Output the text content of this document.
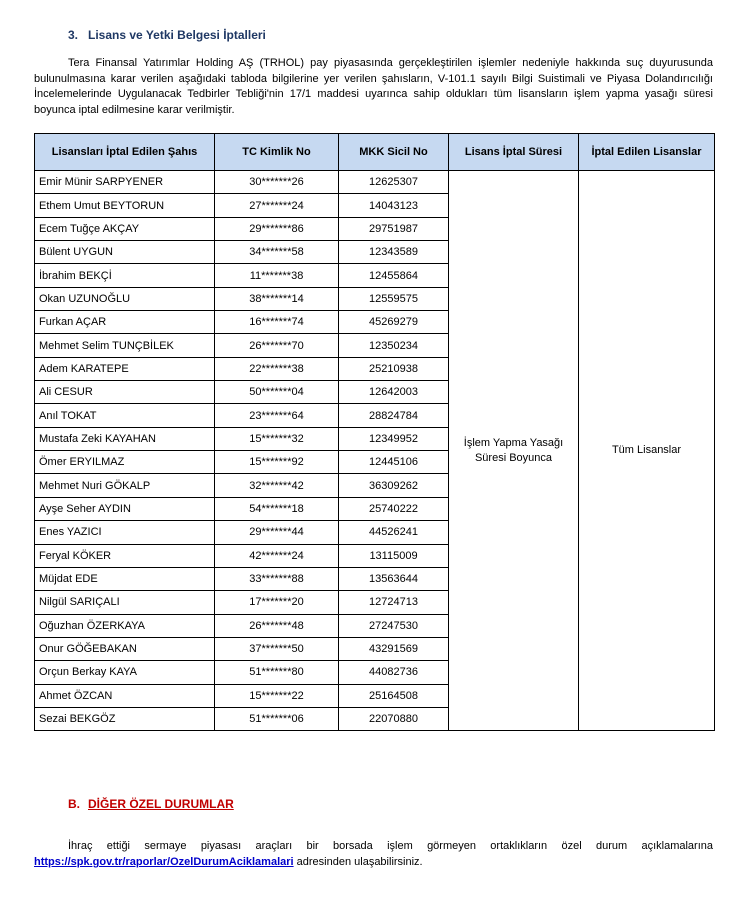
3. Lisans ve Yetki Belgesi İptalleri
Tera Finansal Yatırımlar Holding AŞ (TRHOL) pay piyasasında gerçekleştirilen işlemler nedeniyle hakkında suç duyurusunda bulunulmasına karar verilen aşağıdaki tabloda bilgilerine yer verilen şahısların, V-101.1 sayılı Bilgi Suistimali ve Piyasa Dolandırıcılığı İncelemelerinde Uygulanacak Tedbirler Tebliği'nin 17/1 maddesi uyarınca sahip oldukları tüm lisansların işlem yapma yasağı süresi boyunca iptal edilmesine karar verilmiştir.
Lisansları İptal Edilen Şahıs	TC Kimlik No	MKK Sicil No	Lisans İptal Süresi	İptal Edilen Lisanslar
Emir Münir SARPYENER	30*******26	12625307	İşlem Yapma Yasağı Süresi Boyunca	Tüm Lisanslar
Ethem Umut BEYTORUN	27*******24	14043123		
Ecem Tuğçe AKÇAY	29*******86	29751987		
Bülent UYGUN	34*******58	12343589		
İbrahim BEKÇİ	11*******38	12455864		
Okan UZUNOĞLU	38*******14	12559575		
Furkan AÇAR	16*******74	45269279		
Mehmet Selim TUNÇBİLEK	26*******70	12350234		
Adem KARATEPE	22*******38	25210938		
Ali CESUR	50*******04	12642003		
Anıl TOKAT	23*******64	28824784		
Mustafa Zeki KAYAHAN	15*******32	12349952		
Ömer ERYILMAZ	15*******92	12445106		
Mehmet Nuri GÖKALP	32*******42	36309262		
Ayşe Seher AYDIN	54*******18	25740222		
Enes YAZICI	29*******44	44526241		
Feryal KÖKER	42*******24	13115009		
Müjdat EDE	33*******88	13563644		
Nilgül SARIÇALI	17*******20	12724713		
Oğuzhan ÖZERKAYA	26*******48	27247530		
Onur GÖĞEBAKAN	37*******50	43291569		
Orçun Berkay KAYA	51*******80	44082736		
Ahmet ÖZCAN	15*******22	25164508		
Sezai BEKGÖZ	51*******06	22070880		
B. DİĞER ÖZEL DURUMLAR
İhraç ettiği sermaye piyasası araçları bir borsada işlem görmeyen ortaklıkların özel durum açıklamalarına https://spk.gov.tr/raporlar/OzelDurumAciklamalari adresinden ulaşabilirsiniz.
